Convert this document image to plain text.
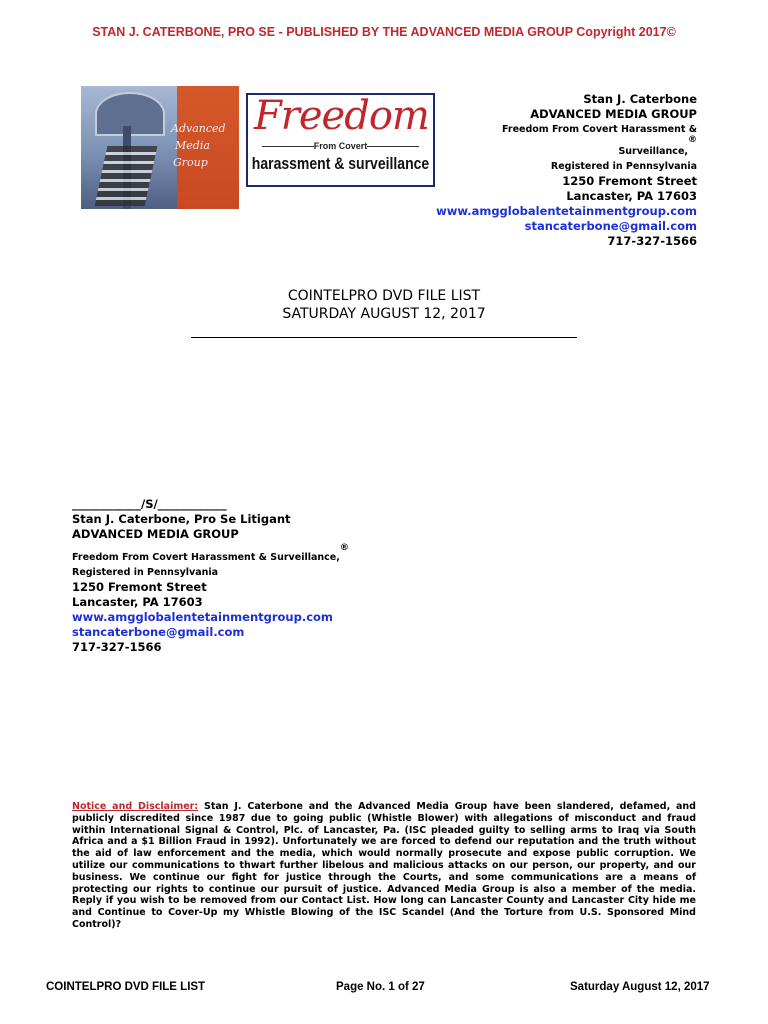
STAN J. CATERBONE, PRO SE - PUBLISHED BY THE ADVANCED MEDIA GROUP Copyright 2017©
Advanced
Media
Group
Freedom
From Covert
harassment & surveillance
Stan J. Caterbone
ADVANCED MEDIA GROUP
Freedom From Covert Harassment &
Surveillance,®
Registered in Pennsylvania
1250 Fremont Street
Lancaster, PA 17603
www.amgglobalentetainmentgroup.com
stancaterbone@gmail.com
717-327-1566
COINTELPRO DVD FILE LIST
SATURDAY AUGUST 12, 2017
____________/S/____________
Stan J. Caterbone, Pro Se Litigant
ADVANCED MEDIA GROUP
Freedom From Covert Harassment & Surveillance,®
Registered in Pennsylvania
1250 Fremont Street
Lancaster, PA 17603
www.amgglobalentetainmentgroup.com
stancaterbone@gmail.com
717-327-1566
Notice and Disclaimer: Stan J. Caterbone and the Advanced Media Group have been slandered, defamed, and publicly discredited since 1987 due to going public (Whistle Blower) with allegations of misconduct and fraud within International Signal & Control, Plc. of Lancaster, Pa. (ISC pleaded guilty to selling arms to Iraq via South Africa and a $1 Billion Fraud in 1992). Unfortunately we are forced to defend our reputation and the truth without the aid of law enforcement and the media, which would normally prosecute and expose public corruption. We utilize our communications to thwart further libelous and malicious attacks on our person, our property, and our business. We continue our fight for justice through the Courts, and some communications are a means of protecting our rights to continue our pursuit of justice. Advanced Media Group is also a member of the media. Reply if you wish to be removed from our Contact List. How long can Lancaster County and Lancaster City hide me and Continue to Cover-Up my Whistle Blowing of the ISC Scandel (And the Torture from U.S. Sponsored Mind Control)?
COINTELPRO DVD FILE LIST	Page No. 1 of 27	Saturday August 12, 2017
